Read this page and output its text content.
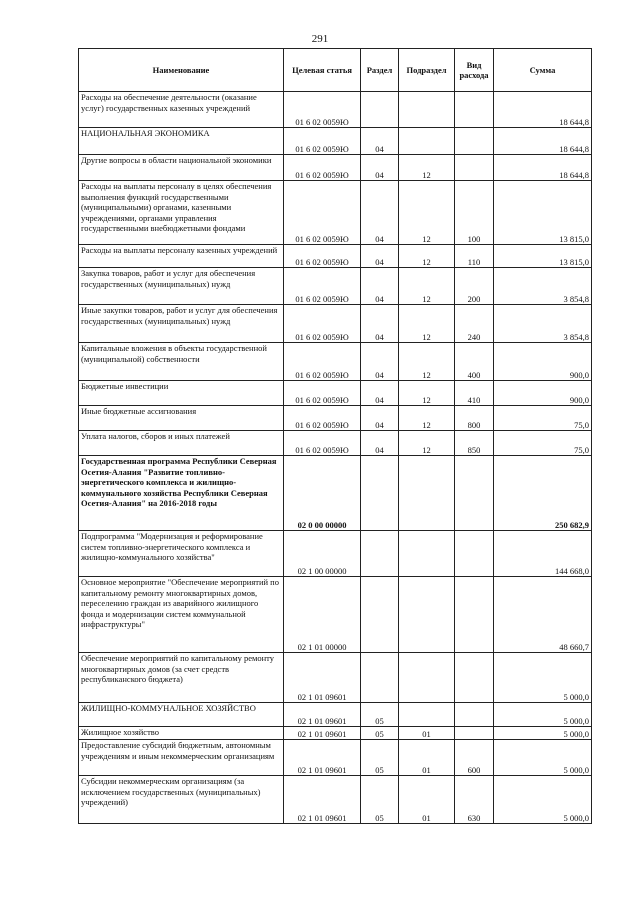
291
Наименование	Целевая статья	Раздел	Подраздел	Вид расхода	Сумма
Расходы на обеспечение деятельности (оказание услуг) государственных казенных учреждений	01 6 02 0059Ю				18 644,8
НАЦИОНАЛЬНАЯ ЭКОНОМИКА	01 6 02 0059Ю	04			18 644,8
Другие вопросы в области национальной экономики	01 6 02 0059Ю	04	12		18 644,8
Расходы на выплаты персоналу в целях обеспечения выполнения функций государственными (муниципальными) органами, казенными учреждениями, органами управления государственными внебюджетными фондами	01 6 02 0059Ю	04	12	100	13 815,0
Расходы на выплаты персоналу казенных учреждений	01 6 02 0059Ю	04	12	110	13 815,0
Закупка товаров, работ и услуг для обеспечения государственных (муниципальных) нужд	01 6 02 0059Ю	04	12	200	3 854,8
Иные закупки товаров, работ и услуг для обеспечения государственных (муниципальных) нужд	01 6 02 0059Ю	04	12	240	3 854,8
Капитальные вложения в объекты государственной (муниципальной) собственности	01 6 02 0059Ю	04	12	400	900,0
Бюджетные инвестиции	01 6 02 0059Ю	04	12	410	900,0
Иные бюджетные ассигнования	01 6 02 0059Ю	04	12	800	75,0
Уплата налогов, сборов и иных платежей	01 6 02 0059Ю	04	12	850	75,0
Государственная программа Республики Северная Осетия-Алания "Развитие топливно-энергетического комплекса и жилищно-коммунального хозяйства Республики Северная Осетия-Алания" на 2016-2018 годы	02 0 00 00000				250 682,9
Подпрограмма "Модернизация и реформирование систем топливно-энергетического комплекса и жилищно-коммунального хозяйства"	02 1 00 00000				144 668,0
Основное мероприятие "Обеспечение мероприятий по капитальному ремонту многоквартирных домов, переселению граждан из аварийного жилищного фонда и модернизации систем коммунальной инфраструктуры"	02 1 01 00000				48 660,7
Обеспечение мероприятий по капитальному ремонту многоквартирных домов (за счет средств республиканского бюджета)	02 1 01 09601				5 000,0
ЖИЛИЩНО-КОММУНАЛЬНОЕ ХОЗЯЙСТВО	02 1 01 09601	05			5 000,0
Жилищное хозяйство	02 1 01 09601	05	01		5 000,0
Предоставление субсидий бюджетным, автономным учреждениям и иным некоммерческим организациям	02 1 01 09601	05	01	600	5 000,0
Субсидии некоммерческим организациям (за исключением государственных (муниципальных) учреждений)	02 1 01 09601	05	01	630	5 000,0
